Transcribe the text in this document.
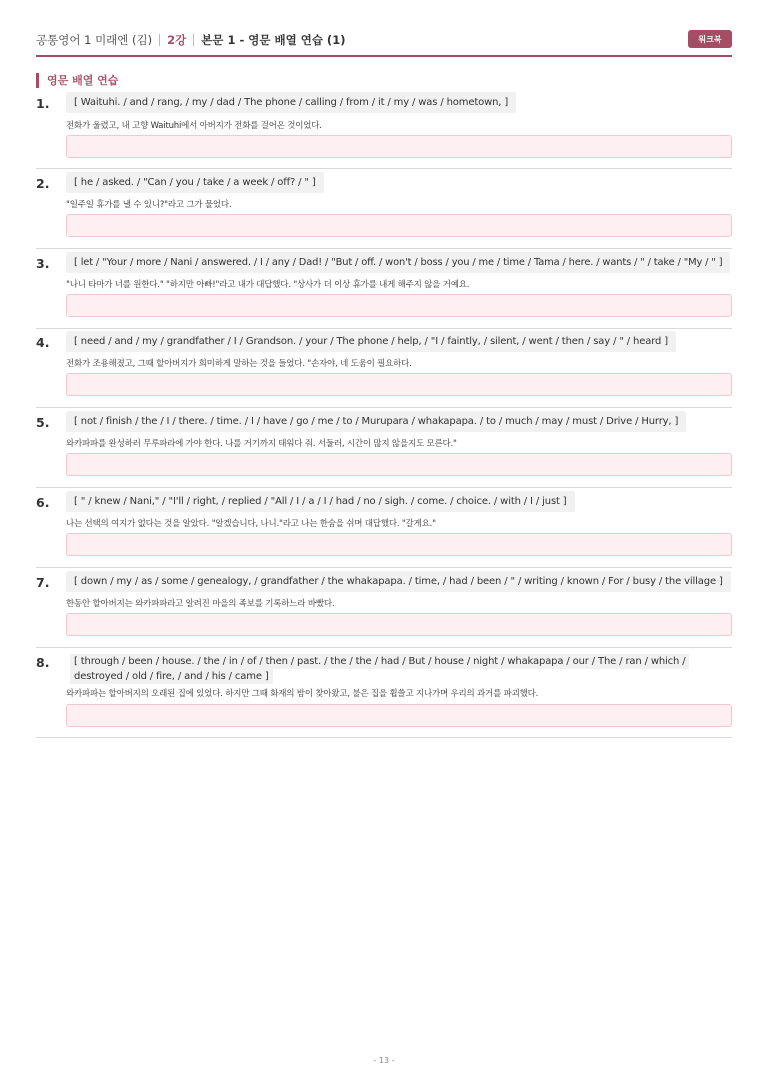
공통영어 1 미래엔 (김) 2강 본문 1 - 영문 배열 연습 (1)	워크북
영문 배열 연습
1.	[ Waituhi. / and / rang, / my / dad / The phone / calling / from / it / my / was / hometown, ]
전화가 울렸고, 내 고향 Waituhi에서 아버지가 전화를 걸어온 것이었다.
2.	[ he / asked. / "Can / you / take / a week / off? / " ]
"일주일 휴가를 낼 수 있니?"라고 그가 물었다.
3.	[ let / "Your / more / Nani / answered. / I / any / Dad! / "But / off. / won't / boss / you / me / time / Tama / here. / wants / " / take / "My / " ]
"나니 타마가 너를 원한다." "하지만 아빠!"라고 내가 대답했다. "상사가 더 이상 휴가를 내게 해주지 않을 거예요.
4.	[ need / and / my / grandfather / I / Grandson. / your / The phone / help, / "I / faintly, / silent, / went / then / say / " / heard ]
전화가 조용해졌고, 그때 할아버지가 희미하게 말하는 것을 들었다. "손자야, 네 도움이 필요하다.
5.	[ not / finish / the / I / there. / time. / I / have / go / me / to / Murupara / whakapapa. / to / much / may / must / Drive / Hurry, ]
와카파파를 완성하러 무루파라에 가야 한다. 나를 거기까지 태워다 줘. 서둘러, 시간이 많지 않을지도 모른다."
6.	[ " / knew / Nani," / "I'll / right, / replied / "All / I / a / I / had / no / sigh. / come. / choice. / with / I / just ]
나는 선택의 여지가 없다는 것을 알았다. "알겠습니다, 나니."라고 나는 한숨을 쉬며 대답했다. "갈게요."
7.	[ down / my / as / some / genealogy, / grandfather / the whakapapa. / time, / had / been / " / writing / known / For / busy / the village ]
한동안 할아버지는 와카파파라고 알려진 마을의 족보를 기록하느라 바빴다.
8.	[ through / been / house. / the / in / of / then / past. / the / the / had / But / house / night / whakapapa / our / The / ran / which / destroyed / old / fire, / and / his / came ]
와카파파는 할아버지의 오래된 집에 있었다. 하지만 그때 화재의 밤이 찾아왔고, 불은 집을 휩쓸고 지나가며 우리의 과거를 파괴했다.
- 13 -
